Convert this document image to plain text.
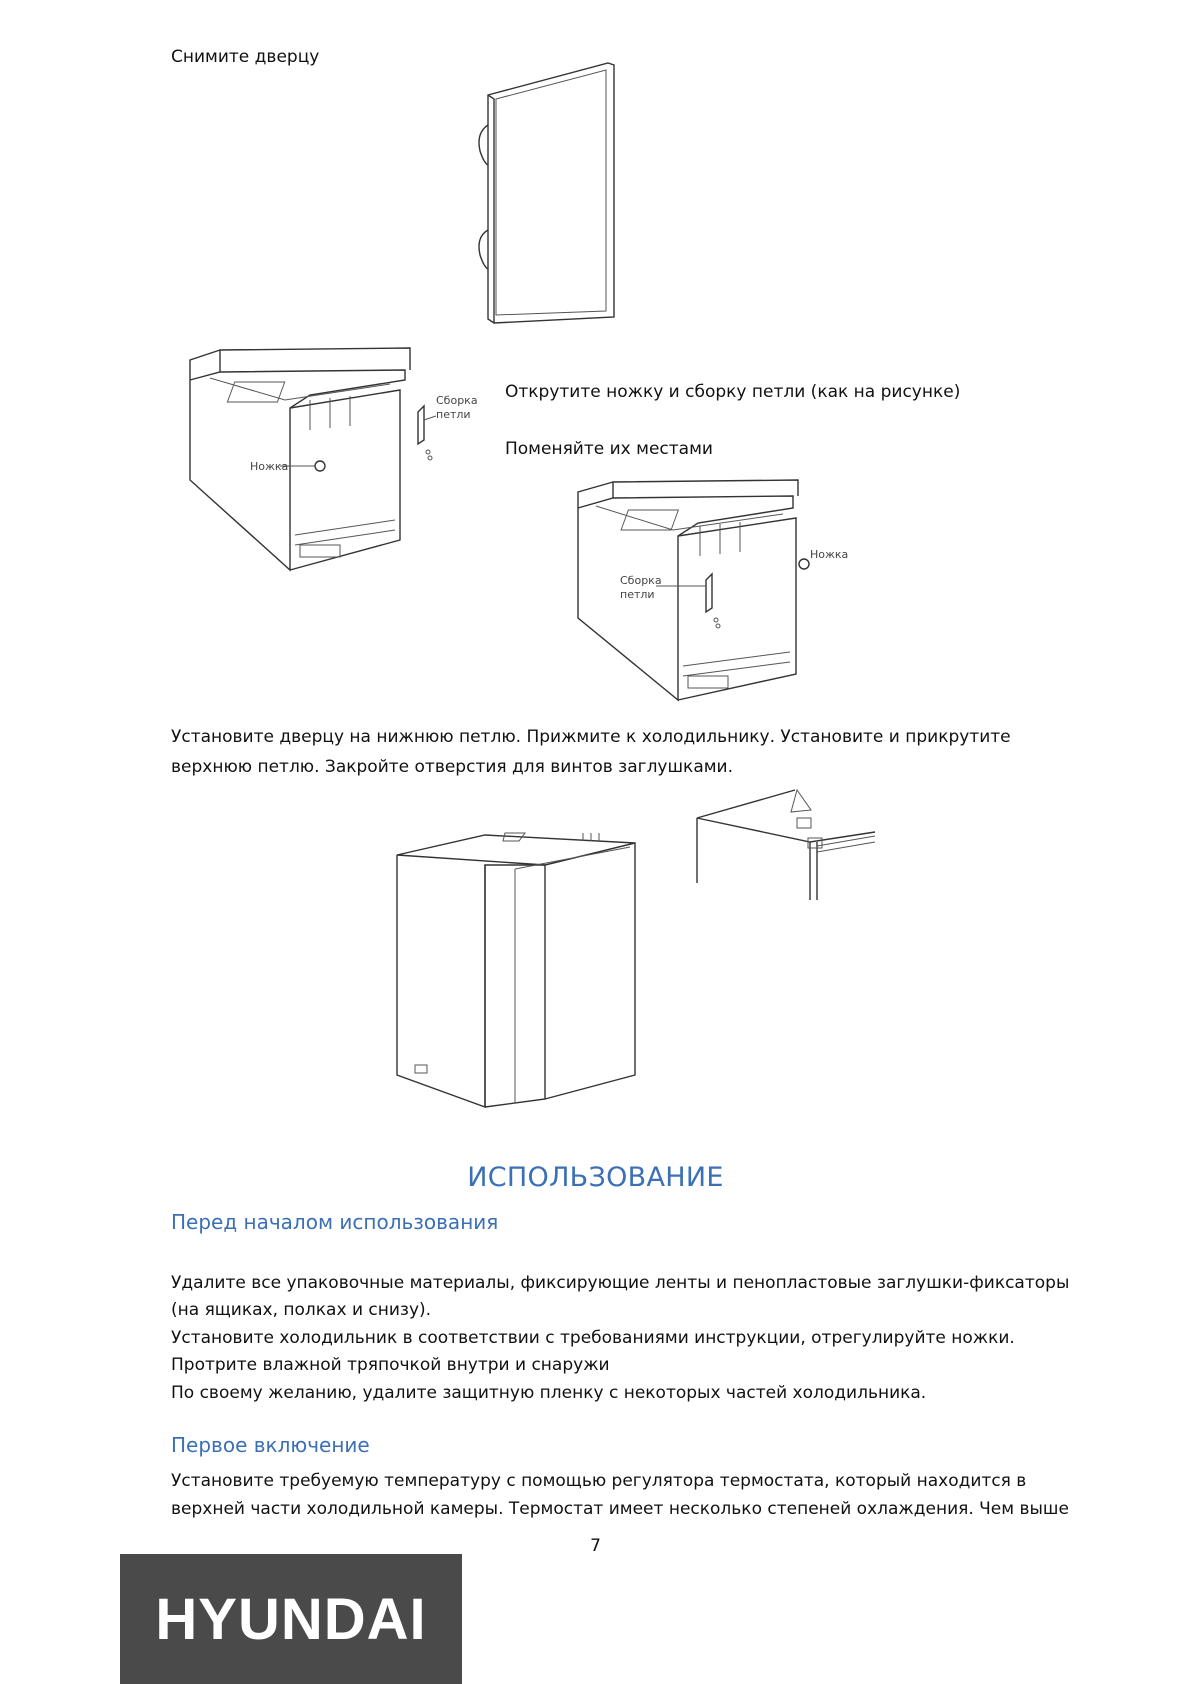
Снимите дверцу
Ножка
Сборка
петли
Открутите ножку и сборку петли (как на рисунке)
Поменяйте их местами
Ножка
Сборка
петли
Установите дверцу на нижнюю петлю. Прижмите к холодильнику. Установите и прикрутите
верхнюю петлю. Закройте отверстия для винтов заглушками.
ИСПОЛЬЗОВАНИЕ
Перед началом использования
Удалите все упаковочные материалы, фиксирующие ленты и пенопластовые заглушки-фиксаторы
(на ящиках, полках и снизу).
Установите холодильник в соответствии с требованиями инструкции, отрегулируйте ножки.
Протрите влажной тряпочкой внутри и снаружи
По своему желанию, удалите защитную пленку с некоторых частей холодильника.
Первое включение
Установите требуемую температуру с помощью регулятора термостата, который находится в
верхней части холодильной камеры. Термостат имеет несколько степеней охлаждения. Чем выше
7
HYUNDAI
